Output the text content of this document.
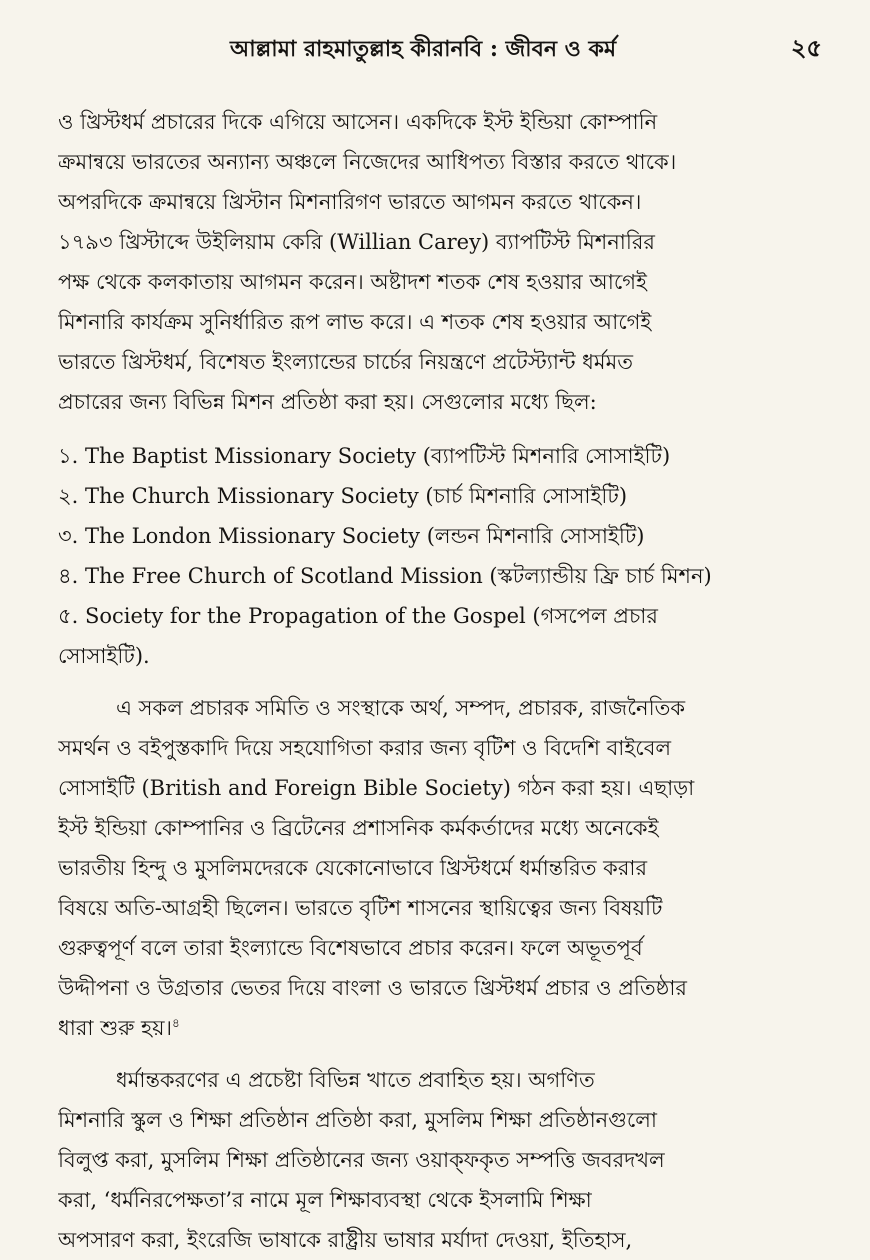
আল্লামা রাহমাতুল্লাহ কীরানবি : জীবন ও কর্ম	২৫
ও খ্রিস্টধর্ম প্রচারের দিকে এগিয়ে আসেন। একদিকে ইস্ট ইন্ডিয়া কোম্পানি
ক্রমান্বয়ে ভারতের অন্যান্য অঞ্চলে নিজেদের আধিপত্য বিস্তার করতে থাকে।
অপরদিকে ক্রমান্বয়ে খ্রিস্টান মিশনারিগণ ভারতে আগমন করতে থাকেন।
১৭৯৩ খ্রিস্টাব্দে উইলিয়াম কেরি (Willian Carey) ব্যাপটিস্ট মিশনারির
পক্ষ থেকে কলকাতায় আগমন করেন। অষ্টাদশ শতক শেষ হওয়ার আগেই
মিশনারি কার্যক্রম সুনির্ধারিত রূপ লাভ করে। এ শতক শেষ হওয়ার আগেই
ভারতে খ্রিস্টধর্ম, বিশেষত ইংল্যান্ডের চার্চের নিয়ন্ত্রণে প্রটেস্ট্যান্ট ধর্মমত
প্রচারের জন্য বিভিন্ন মিশন প্রতিষ্ঠা করা হয়। সেগুলোর মধ্যে ছিল:
১. The Baptist Missionary Society (ব্যাপটিস্ট মিশনারি সোসাইটি)
২. The Church Missionary Society (চার্চ মিশনারি সোসাইটি)
৩. The London Missionary Society (লন্ডন মিশনারি সোসাইটি)
৪. The Free Church of Scotland Mission (স্কটল্যান্ডীয় ফ্রি চার্চ মিশন)
৫. Society for the Propagation of the Gospel (গসপেল প্রচার
সোসাইটি).
এ সকল প্রচারক সমিতি ও সংস্থাকে অর্থ, সম্পদ, প্রচারক, রাজনৈতিক
সমর্থন ও বইপুস্তকাদি দিয়ে সহযোগিতা করার জন্য বৃটিশ ও বিদেশি বাইবেল
সোসাইটি (British and Foreign Bible Society) গঠন করা হয়। এছাড়া
ইস্ট ইন্ডিয়া কোম্পানির ও ব্রিটেনের প্রশাসনিক কর্মকর্তাদের মধ্যে অনেকেই
ভারতীয় হিন্দু ও মুসলিমদেরকে যেকোনোভাবে খ্রিস্টধর্মে ধর্মান্তরিত করার
বিষয়ে অতি-আগ্রহী ছিলেন। ভারতে বৃটিশ শাসনের স্থায়িত্বের জন্য বিষয়টি
গুরুত্বপূর্ণ বলে তারা ইংল্যান্ডে বিশেষভাবে প্রচার করেন। ফলে অভূতপূর্ব
উদ্দীপনা ও উগ্রতার ভেতর দিয়ে বাংলা ও ভারতে খ্রিস্টধর্ম প্রচার ও প্রতিষ্ঠার
ধারা শুরু হয়।$^৪$
ধর্মান্তকরণের এ প্রচেষ্টা বিভিন্ন খাতে প্রবাহিত হয়। অগণিত
মিশনারি স্কুল ও শিক্ষা প্রতিষ্ঠান প্রতিষ্ঠা করা, মুসলিম শিক্ষা প্রতিষ্ঠানগুলো
বিলুপ্ত করা, মুসলিম শিক্ষা প্রতিষ্ঠানের জন্য ওয়াক্‌ফকৃত সম্পত্তি জবরদখল
করা, ‘ধর্মনিরপেক্ষতা’র নামে মূল শিক্ষাব্যবস্থা থেকে ইসলামি শিক্ষা
অপসারণ করা, ইংরেজি ভাষাকে রাষ্ট্রীয় ভাষার মর্যাদা দেওয়া, ইতিহাস,
